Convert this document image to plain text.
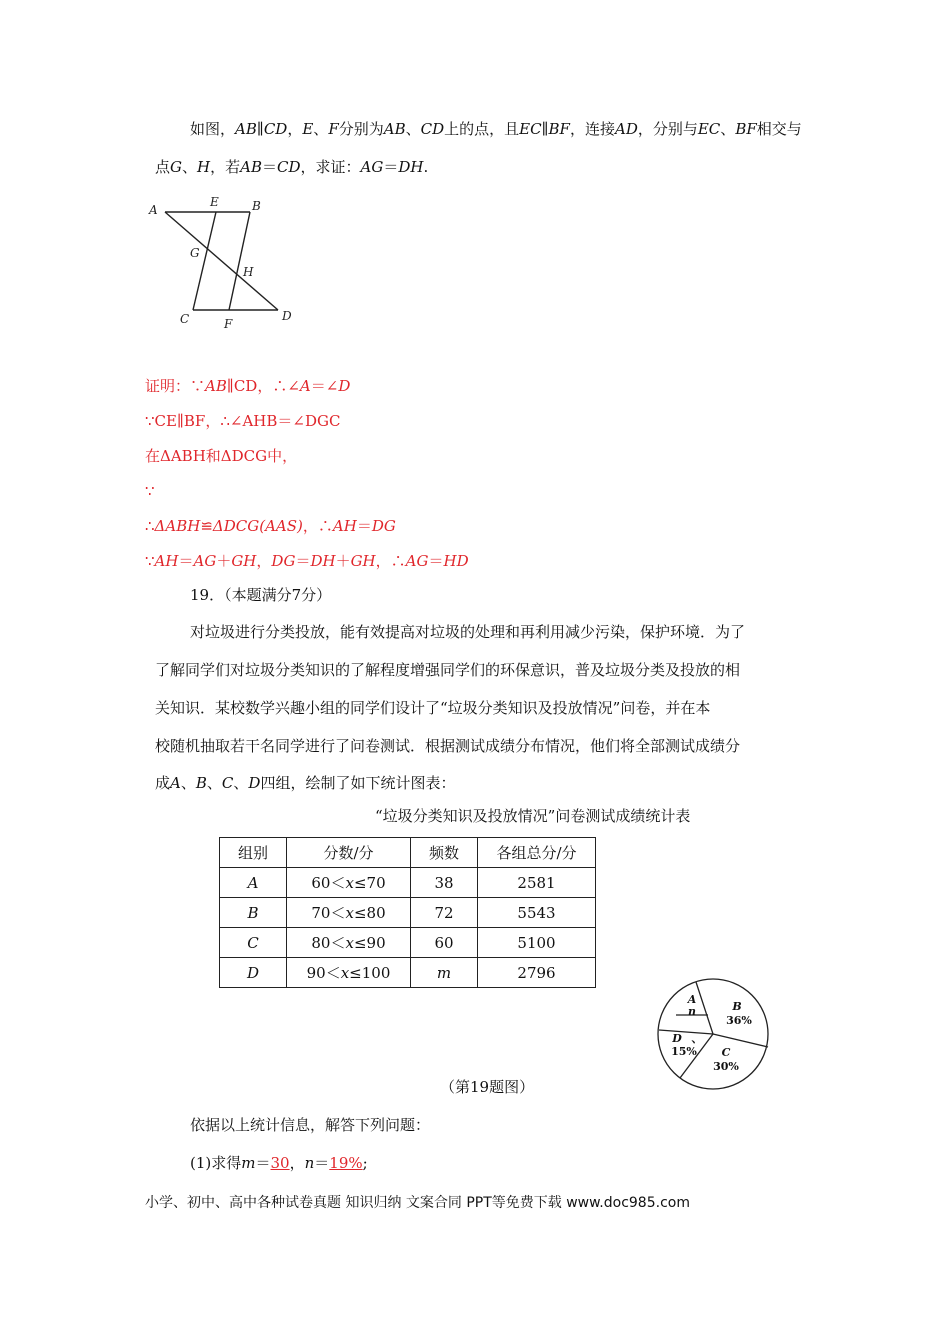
如图，AB∥CD，E、F分别为AB、CD上的点，且EC∥BF，连接AD，分别与EC、BF相交与
点G、H，若AB＝CD，求证：AG＝DH.
A
E	B
G
H
C	F
D
证明：∵AB∥CD，∴∠A＝∠D
∵CE∥BF，∴∠AHB＝∠DGC
在ΔABH和ΔDCG中，
∵
∴ΔABH≌ΔDCG(AAS)，∴AH＝DG
∵AH＝AG＋GH，DG＝DH＋GH，∴AG＝HD
19．（本题满分7分）
对垃圾进行分类投放，能有效提高对垃圾的处理和再利用减少污染，保护环境．为了
了解同学们对垃圾分类知识的了解程度增强同学们的环保意识，普及垃圾分类及投放的相
关知识．某校数学兴趣小组的同学们设计了“垃圾分类知识及投放情况”问卷，并在本
校随机抽取若干名同学进行了问卷测试．根据测试成绩分布情况，他们将全部测试成绩分
成A、B、C、D四组，绘制了如下统计图表：
“垃圾分类知识及投放情况”问卷测试成绩统计表
组别	分数/分	频数	各组总分/分
A	60＜x≤70	38	2581
B	70＜x≤80	72	5543
C	80＜x≤90	60	5100
D	90＜x≤100	m	2796
A
n	B
36%
D 、
15% C
30%
（第19题图）
依据以上统计信息，解答下列问题：
(1)求得m＝30，n＝19%;
小学、初中、高中各种试卷真题 知识归纳 文案合同 PPT等免费下载 www.doc985.com
